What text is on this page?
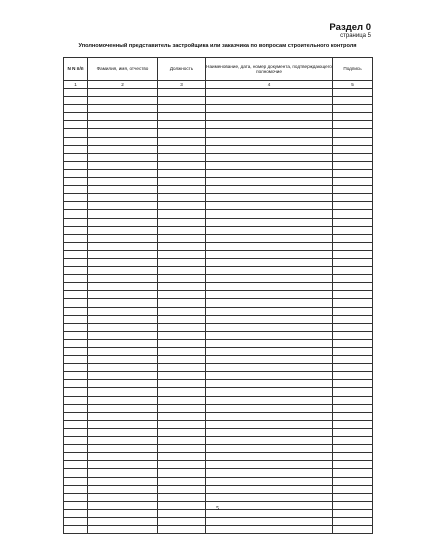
Раздел 0
страница 5
Уполномоченный представитель застройщика или заказчика по вопросам строительного контроля
N N п/п	Фамилия, имя, отчество	Должность	Наименование, дата, номер документа, подтверждающего полномочие	Подпись
1	2	3	4	5

5
